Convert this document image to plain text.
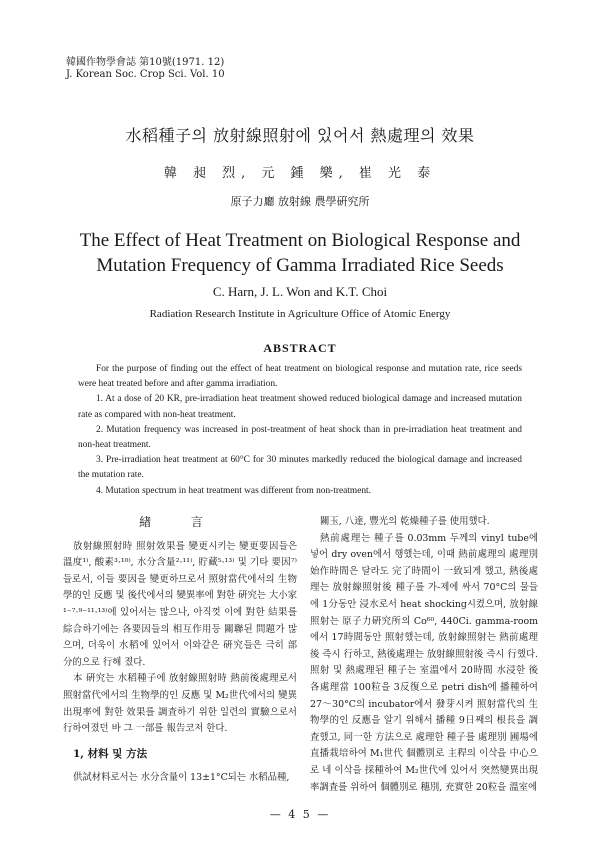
韓國作物學會誌 第10號(1971. 12)
J. Korean Soc. Crop Sci. Vol. 10
水稻種子의 放射線照射에 있어서 熱處理의 效果
韓 昶 烈, 元 鍾 樂, 崔 光 泰
原子力廳 放射線 農學硏究所
The Effect of Heat Treatment on Biological Response and Mutation Frequency of Gamma Irradiated Rice Seeds
C. Harn, J. L. Won and K.T. Choi
Radiation Research Institute in Agriculture Office of Atomic Energy
ABSTRACT

For the purpose of finding out the effect of heat treatment on biological response and mutation rate, rice seeds were heat treated before and after gamma irradiation.

1. At a dose of 20 KR, pre-irradiation heat treatment showed reduced biological damage and increased mutation rate as compared with non-heat treatment.

2. Mutation frequency was increased in post-treatment of heat shock than in pre-irradiation heat treatment and non-heat treatment.

3. Pre-irradiation heat treatment at 60°C for 30 minutes markedly reduced the biological damage and increased the mutation rate.

4. Mutation spectrum in heat treatment was different from non-treatment.

緖 言

放射線照射時 照射效果를 變更시키는 變更要因들은 溫度¹⁾, 酸素³·¹⁰⁾, 水分含量²·¹¹⁾, 貯藏⁵·¹³⁾ 및 기타 要因⁷⁾들로서, 이들 要因을 變更하므로서 照射當代에서의 生物學的인 反應 및 後代에서의 變異率에 對한 硏究는 大小家¹⁻⁷·⁹⁻¹¹·¹³⁾에 있어서는 많으나, 아직껏 이에 對한 結果를 綜合하기에는 各要因들의 相互作用등 關聯된 問題가 많으며, 더욱이 水稻에 있어서 이와같은 硏究들은 극히 部分的으로 行해 졌다.

本 硏究는 水稻種子에 放射線照射時 熱前後處理로서 照射當代에서의 生物學的인 反應 및 M₂世代에서의 變異 出現率에 對한 效果를 調査하기 위한 일련의 實驗으로서 行하여졌던 바 그 一部를 報告코저 한다.

1, 材料 및 方法

供試材料로서는 水分含量이 13±1°C되는 水稻品種,

關玉, 八達, 豐光의 乾燥種子를 使用했다.

熱前處理는 種子를 0.03mm 두께의 vinyl tube에 넣어 dry oven에서 행했는데, 이때 熱前處理의 處理別始作時間은 달라도 完了時間이 一致되게 했고, 熱後處理는 放射線照射後 種子를 가-제에 싸서 70°C의 물들에 1分동안 浸水로서 heat shocking시켰으며, 放射線照射는 原子力硏究所의 Co⁶⁰, 440Ci. gamma-room에서 17時間동안 照射했는데, 放射線照射는 熱前處理後 즉시 行하고, 熱後處理는 放射線照射後 즉시 行했다. 照射 및 熱處理된 種子는 室溫에서 20時間 水浸한 後 各處理當 100粒을 3反復으로 petri dish에 播種하여 27～30°C의 incubator에서 發芽시켜 照射當代의 生物學的인 反應을 알기 위해서 播種 9日째의 根長을 調査했고, 同一한 方法으로 處理한 種子를 處理別 圃場에 直播栽培하여 M₁世代 個體別로 主稈의 이삭을 中心으로 네 이삭을 採種하여 M₂世代에 있어서 突然變異出現率調査를 위하여 個體別로 穗別, 充實한 20粒을 溫室에

— 4 5 —
